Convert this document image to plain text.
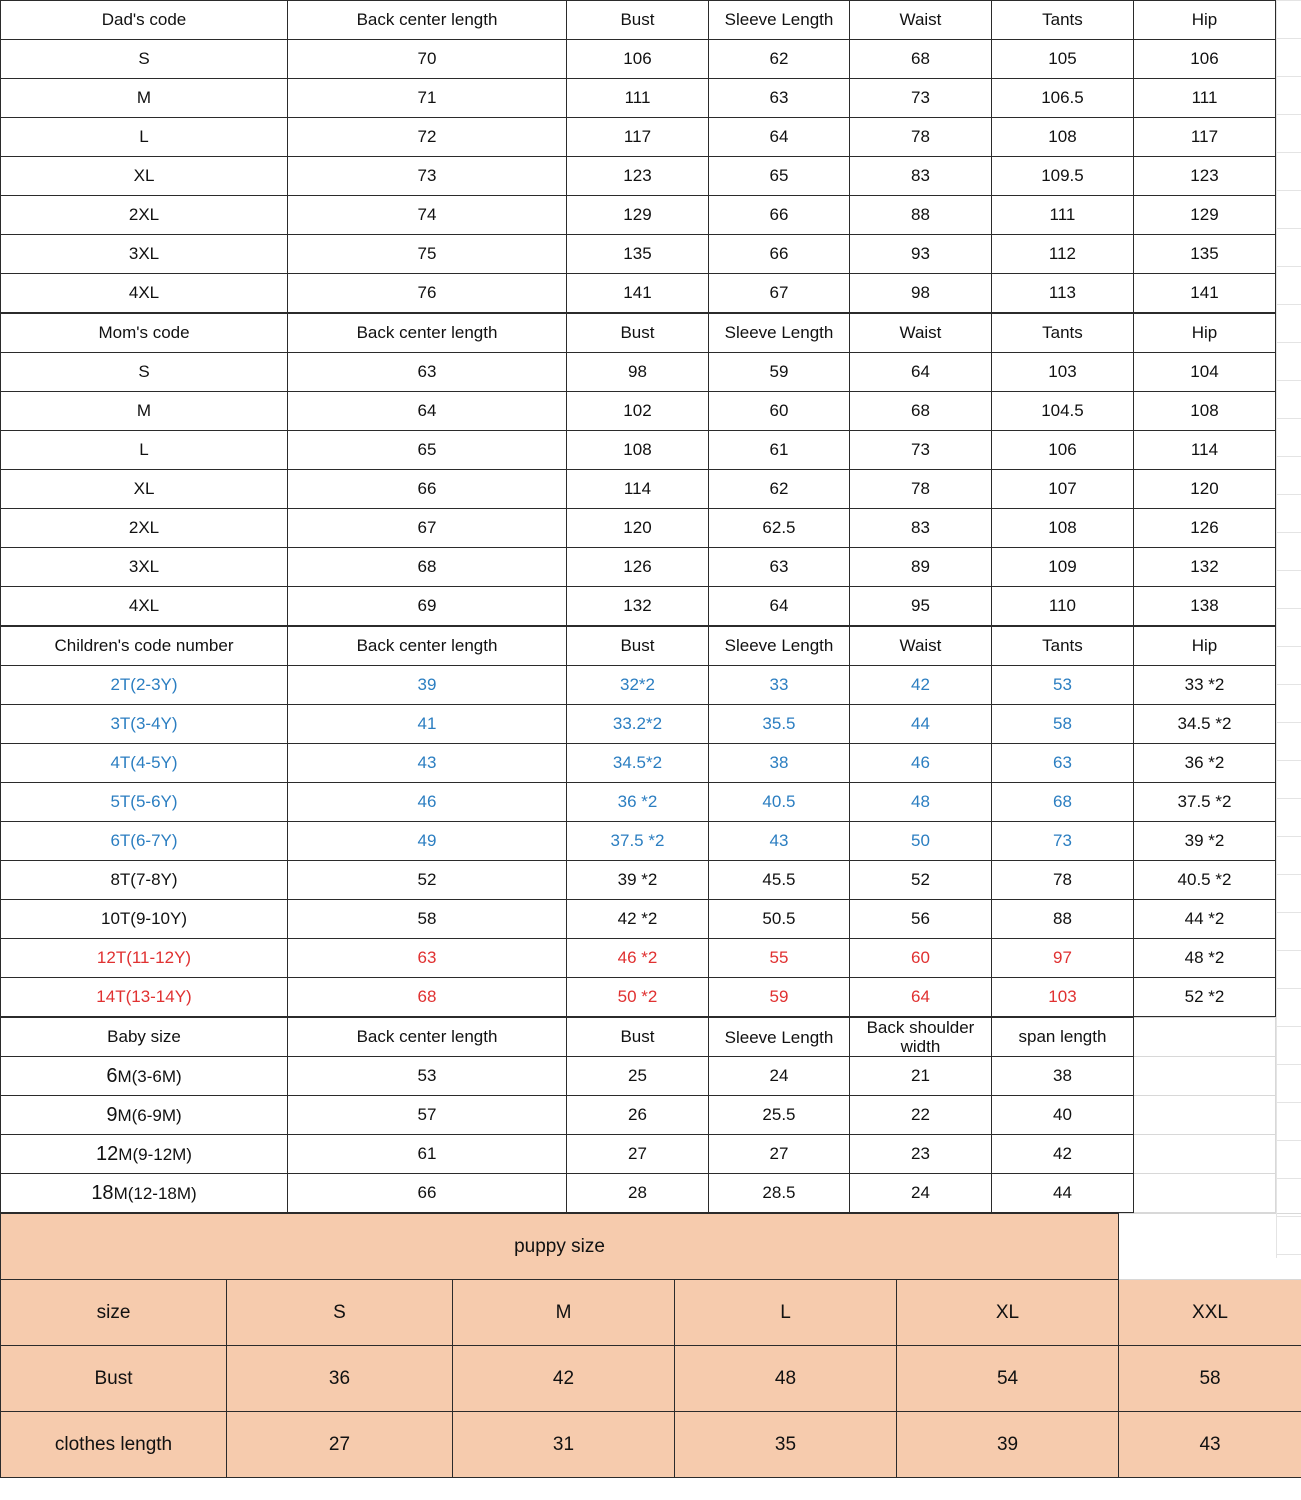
Dad's code	Back center length	Bust	Sleeve Length	Waist	Tants	Hip
S	70	106	62	68	105	106
M	71	111	63	73	106.5	111
L	72	117	64	78	108	117
XL	73	123	65	83	109.5	123
2XL	74	129	66	88	111	129
3XL	75	135	66	93	112	135
4XL	76	141	67	98	113	141
Mom's code	Back center length	Bust	Sleeve Length	Waist	Tants	Hip
S	63	98	59	64	103	104
M	64	102	60	68	104.5	108
L	65	108	61	73	106	114
XL	66	114	62	78	107	120
2XL	67	120	62.5	83	108	126
3XL	68	126	63	89	109	132
4XL	69	132	64	95	110	138
Children's code number	Back center length	Bust	Sleeve Length	Waist	Tants	Hip
2T(2-3Y)	39	32*2	33	42	53	33 *2
3T(3-4Y)	41	33.2*2	35.5	44	58	34.5 *2
4T(4-5Y)	43	34.5*2	38	46	63	36 *2
5T(5-6Y)	46	36 *2	40.5	48	68	37.5 *2
6T(6-7Y)	49	37.5 *2	43	50	73	39 *2
8T(7-8Y)	52	39 *2	45.5	52	78	40.5 *2
10T(9-10Y)	58	42 *2	50.5	56	88	44 *2
12T(11-12Y)	63	46 *2	55	60	97	48 *2
14T(13-14Y)	68	50 *2	59	64	103	52 *2
Baby size	Back center length	Bust	Sleeve Length	Back shoulder width	span length	
6M(3-6M)	53	25	24	21	38	
9M(6-9M)	57	26	25.5	22	40	
12M(9-12M)	61	27	27	23	42	
18M(12-18M)	66	28	28.5	24	44	
puppy size					
size	S	M	L	XL	XXL
Bust	36	42	48	54	58
clothes length	27	31	35	39	43
